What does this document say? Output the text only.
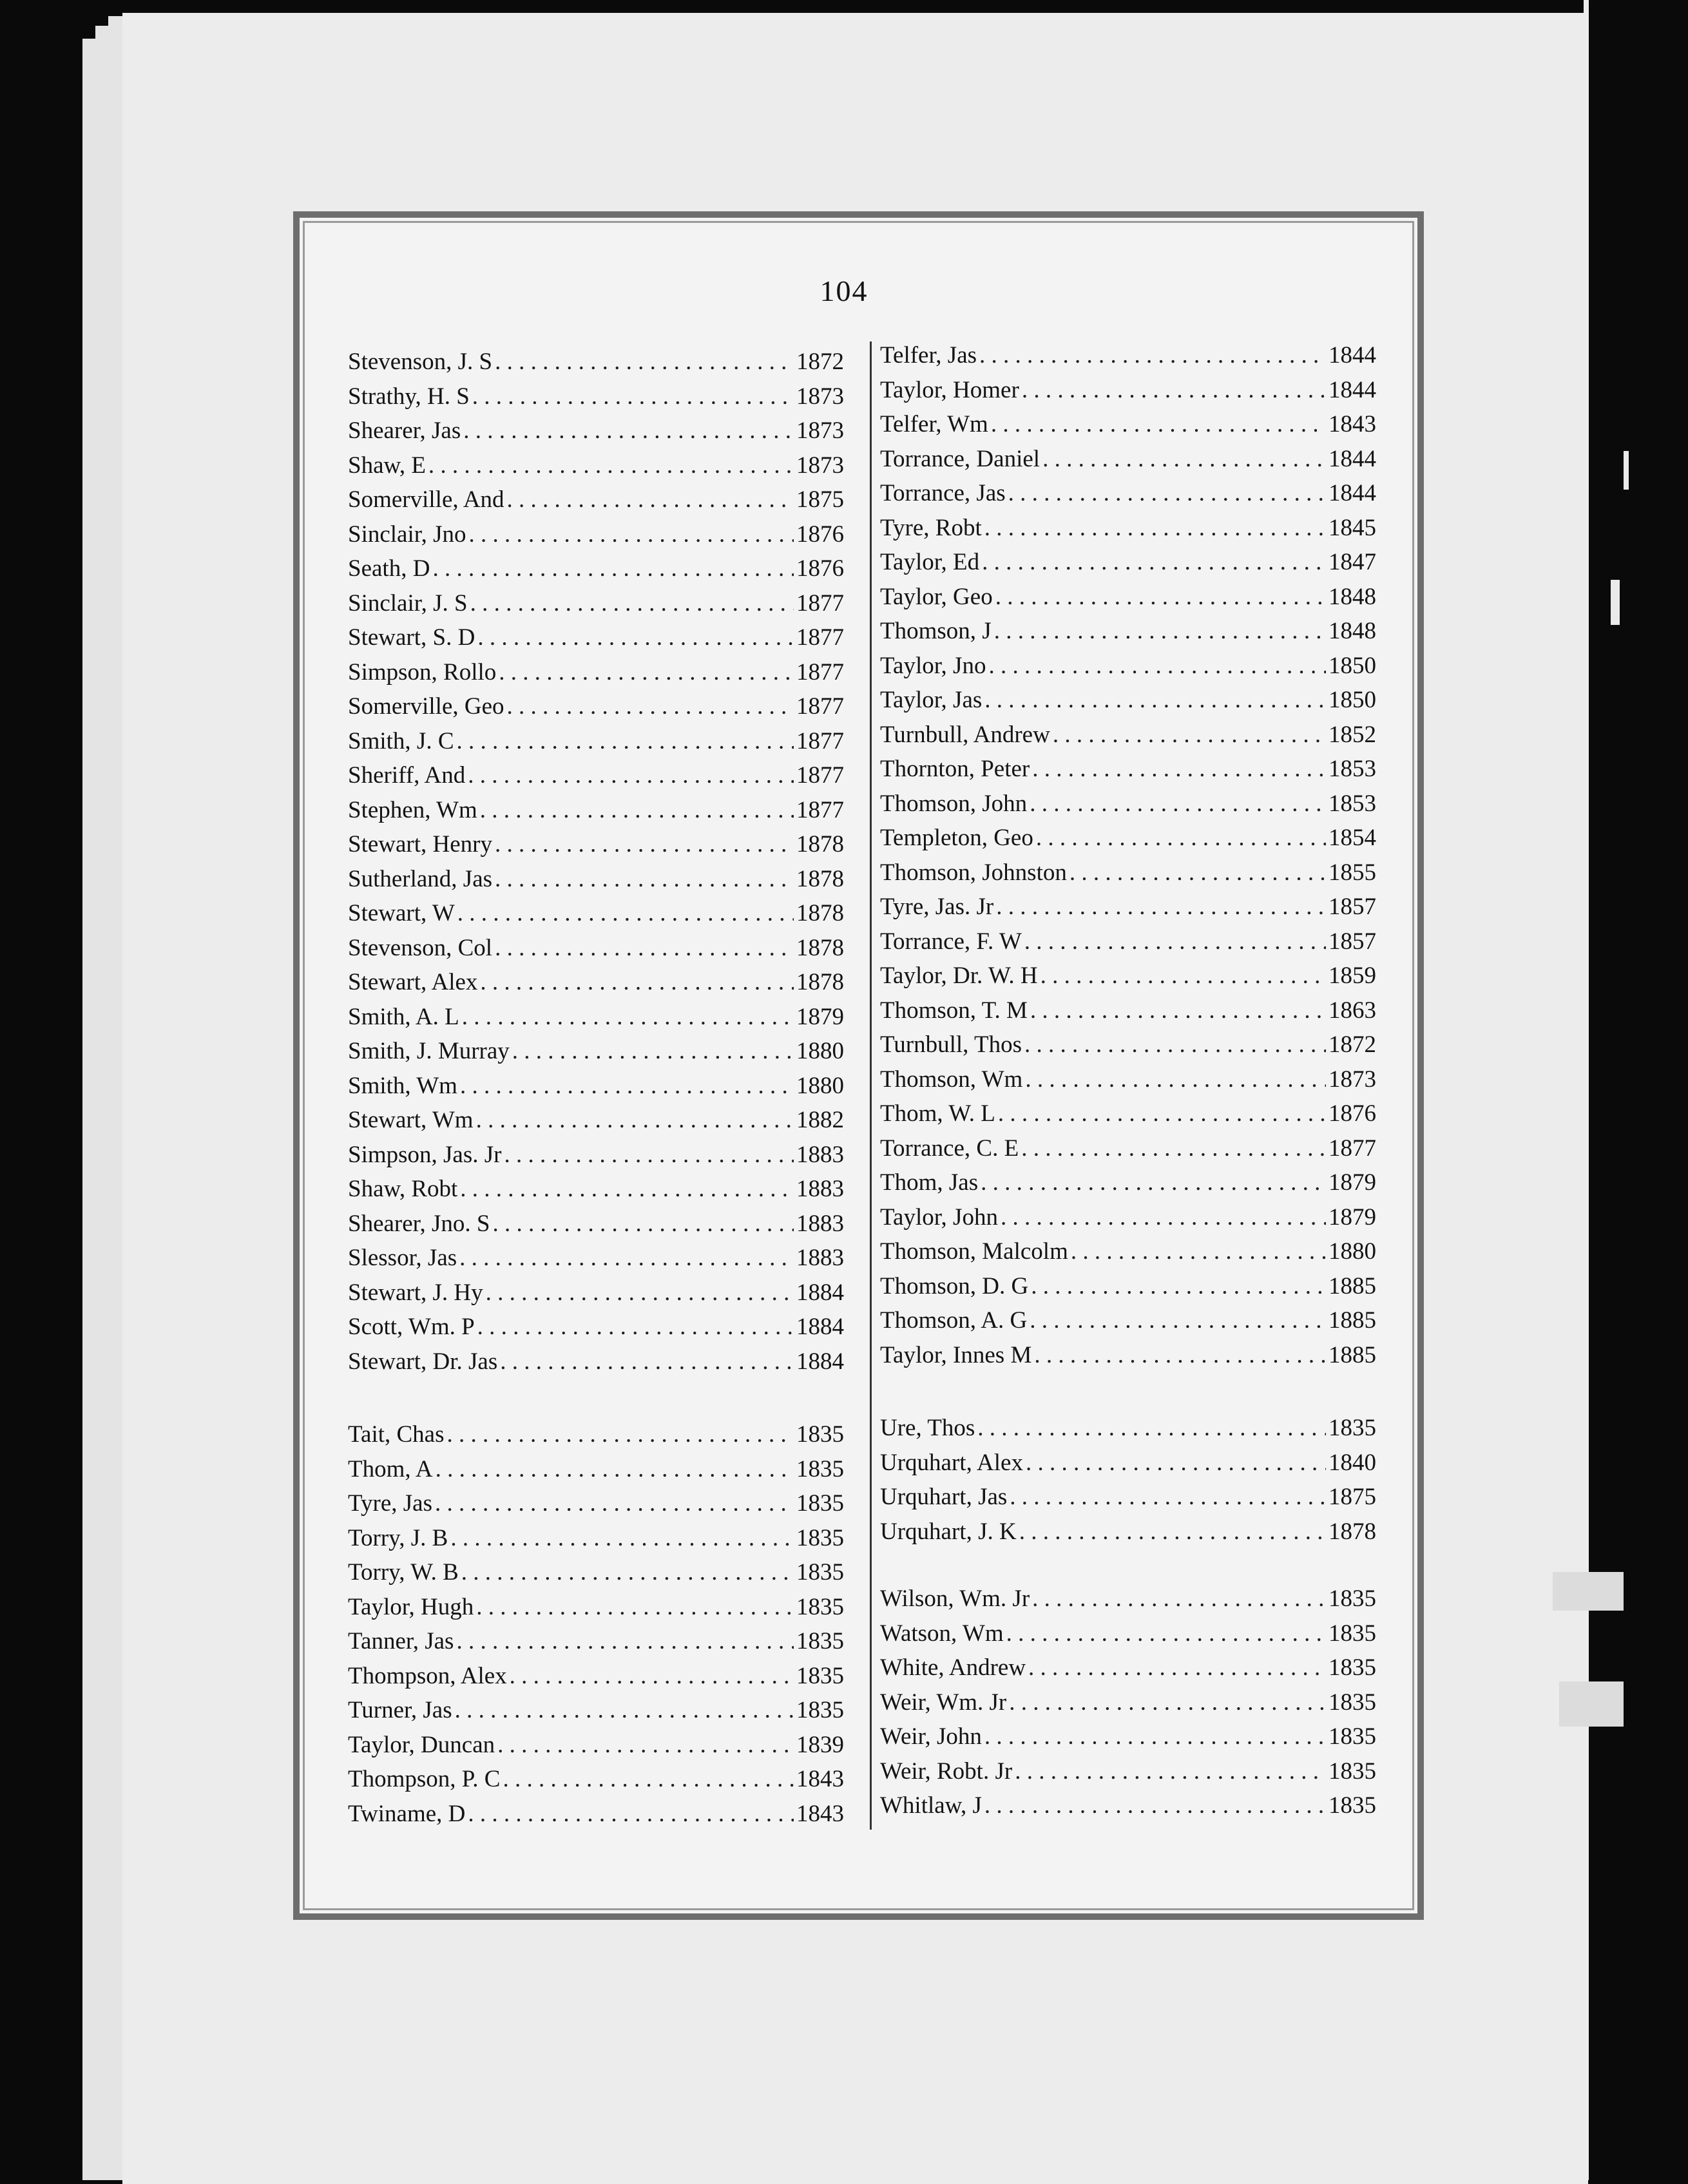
104
Stevenson, J. S . . .	1872
Strathy, H. S . . .	1873
Shearer, Jas . . .	1873
Shaw, E . . .	1873
Somerville, And . . .	1875
Sinclair, Jno . . .	1876
Seath, D . . .	1876
Sinclair, J. S . . .	1877
Stewart, S. D . . .	1877
Simpson, Rollo . . .	1877
Somerville, Geo . . .	1877
Smith, J. C . . .	1877
Sheriff, And . . .	1877
Stephen, Wm . . .	1877
Stewart, Henry . . .	1878
Sutherland, Jas . . .	1878
Stewart, W . . .	1878
Stevenson, Col . . .	1878
Stewart, Alex . . .	1878
Smith, A. L . . .	1879
Smith, J. Murray . . .	1880
Smith, Wm . . .	1880
Stewart, Wm . . .	1882
Simpson, Jas. Jr . . .	1883
Shaw, Robt . . .	1883
Shearer, Jno. S . . .	1883
Slessor, Jas . . .	1883
Stewart, J. Hy . . .	1884
Scott, Wm. P . . .	1884
Stewart, Dr. Jas . . .	1884
Tait, Chas . . .	1835
Thom, A . . .	1835
Tyre, Jas . . .	1835
Torry, J. B . . .	1835
Torry, W. B . . .	1835
Taylor, Hugh . . .	1835
Tanner, Jas . . .	1835
Thompson, Alex . . .	1835
Turner, Jas . . .	1835
Taylor, Duncan . . .	1839
Thompson, P. C . . .	1843
Twiname, D . . .	1843
Telfer, Jas . . .	1844
Taylor, Homer . . .	1844
Telfer, Wm . . .	1843
Torrance, Daniel . . .	1844
Torrance, Jas . . .	1844
Tyre, Robt . . .	1845
Taylor, Ed . . .	1847
Taylor, Geo . . .	1848
Thomson, J . . .	1848
Taylor, Jno . . .	1850
Taylor, Jas . . .	1850
Turnbull, Andrew . . .	1852
Thornton, Peter . . .	1853
Thomson, John . . .	1853
Templeton, Geo . . .	1854
Thomson, Johnston . . .	1855
Tyre, Jas. Jr . . .	1857
Torrance, F. W . . .	1857
Taylor, Dr. W. H . . .	1859
Thomson, T. M . . .	1863
Turnbull, Thos . . .	1872
Thomson, Wm . . .	1873
Thom, W. L . . .	1876
Torrance, C. E . . .	1877
Thom, Jas . . .	1879
Taylor, John . . .	1879
Thomson, Malcolm . . .	1880
Thomson, D. G . . .	1885
Thomson, A. G . . .	1885
Taylor, Innes M . . .	1885
Ure, Thos . . .	1835
Urquhart, Alex . . .	1840
Urquhart, Jas . . .	1875
Urquhart, J. K . . .	1878
Wilson, Wm. Jr . . .	1835
Watson, Wm . . .	1835
White, Andrew . . .	1835
Weir, Wm. Jr . . .	1835
Weir, John . . .	1835
Weir, Robt. Jr . . .	1835
Whitlaw, J . . .	1835
